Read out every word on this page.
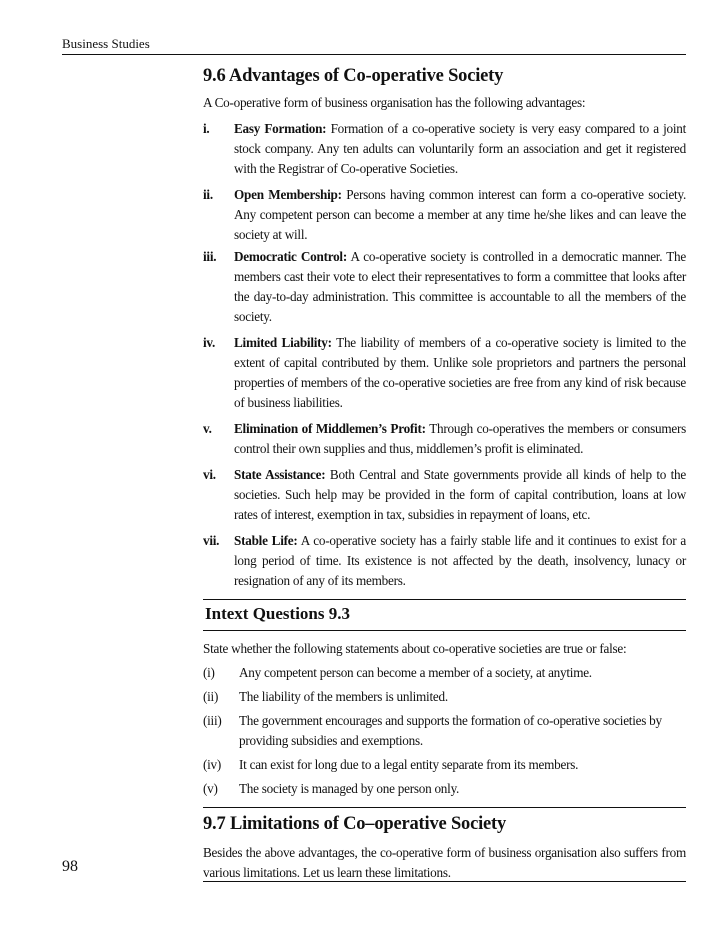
Business Studies
9.6 Advantages of Co-operative Society
A Co-operative form of business organisation has the following advantages:
i. Easy Formation: Formation of a co-operative society is very easy compared to a joint stock company. Any ten adults can voluntarily form an association and get it registered with the Registrar of Co-operative Societies.
ii. Open Membership: Persons having common interest can form a co-operative society. Any competent person can become a member at any time he/she likes and can leave the society at will.
iii. Democratic Control: A co-operative society is controlled in a democratic manner. The members cast their vote to elect their representatives to form a committee that looks after the day-to-day administration. This committee is accountable to all the members of the society.
iv. Limited Liability: The liability of members of a co-operative society is limited to the extent of capital contributed by them. Unlike sole proprietors and partners the personal properties of members of the co-operative societies are free from any kind of risk because of business liabilities.
v. Elimination of Middlemen’s Profit: Through co-operatives the members or consumers control their own supplies and thus, middlemen’s profit is eliminated.
vi. State Assistance: Both Central and State governments provide all kinds of help to the societies. Such help may be provided in the form of capital contribution, loans at low rates of interest, exemption in tax, subsidies in repayment of loans, etc.
vii. Stable Life: A co-operative society has a fairly stable life and it continues to exist for a long period of time. Its existence is not affected by the death, insolvency, lunacy or resignation of any of its members.
Intext Questions 9.3
State whether the following statements about co-operative societies are true or false:
(i) Any competent person can become a member of a society, at anytime.
(ii) The liability of the members is unlimited.
(iii) The government encourages and supports the formation of co-operative societies by providing subsidies and exemptions.
(iv) It can exist for long due to a legal entity separate from its members.
(v) The society is managed by one person only.
9.7 Limitations of Co–operative Society
Besides the above advantages, the co-operative form of business organisation also suffers from various limitations. Let us learn these limitations.
98
